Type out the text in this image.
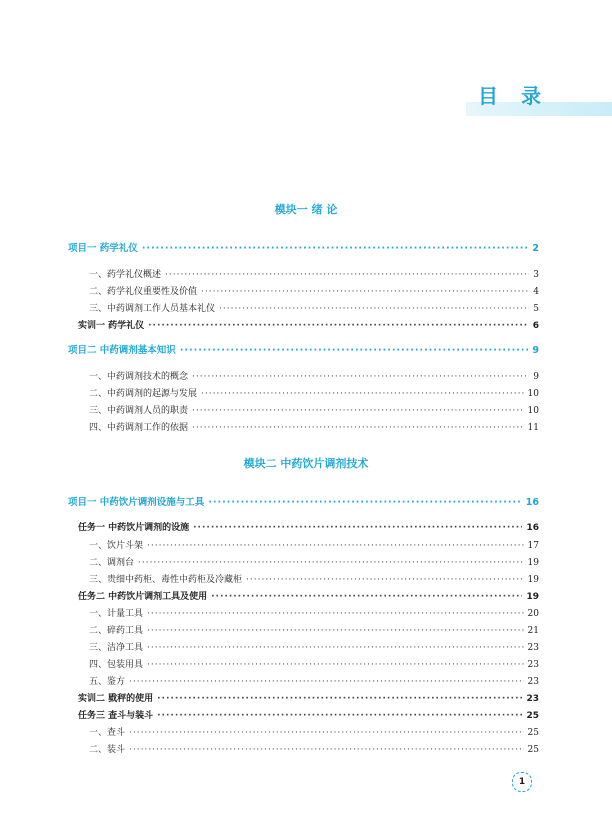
目 录
模块一 绪 论
项目一 药学礼仪 ·····	2
一、药学礼仪概述 ·····	3
二、药学礼仪重要性及价值 ·····	4
三、中药调剂工作人员基本礼仪 ·····	5
实训一 药学礼仪 ·····	6
项目二 中药调剂基本知识 ·····	9
一、中药调剂技术的概念 ·····	9
二、中药调剂的起源与发展 ·····	10
三、中药调剂人员的职责 ·····	10
四、中药调剂工作的依据 ·····	11
模块二 中药饮片调剂技术
项目一 中药饮片调剂设施与工具 ·····	16
任务一 中药饮片调剂的设施 ·····	16
一、饮片斗架 ·····	17
二、调剂台 ·····	19
三、贵细中药柜、毒性中药柜及冷藏柜 ·····	19
任务二 中药饮片调剂工具及使用 ·····	19
一、计量工具 ·····	20
二、碎药工具 ·····	21
三、洁净工具 ·····	23
四、包装用具 ·····	23
五、鉴方 ·····	23
实训二 戥秤的使用 ·····	23
任务三 查斗与装斗 ·····	25
一、查斗 ·····	25
二、装斗 ·····	25
1
